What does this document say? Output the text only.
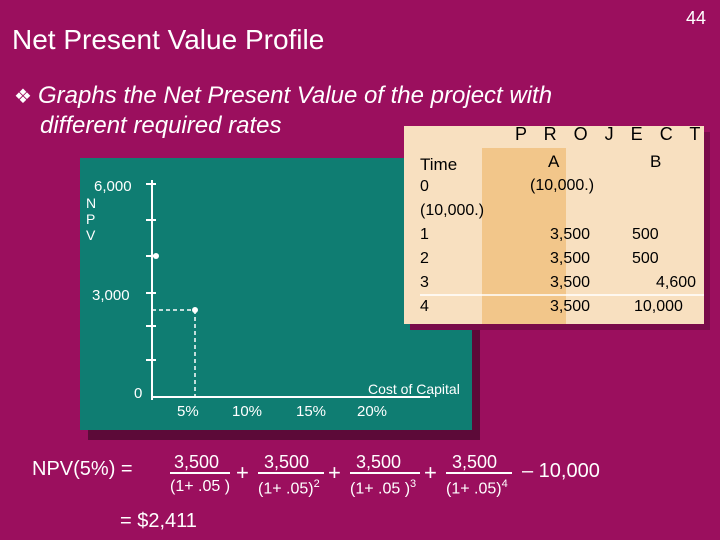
Net Present Value Profile
44
❖ Graphs the Net Present Value of the project with
different required rates
N
P
V
6,000
3,000
0
5% 10% 15% 20%
Cost of Capital
P R O J E C T
A	B
(10,000.)
Time
0
(10,000.)
1
2
3
4
3,500
3,500
3,500
3,500
500
500
4,600
10,000
NPV(5%) = 3,500
(1+ .05 )
+ 3,500
$(1+ .05)^2 + 3,500$
(1+ .05 )$^3$ + 3,500
$(1+ .05)^4$
– 10,000
= $2,411
